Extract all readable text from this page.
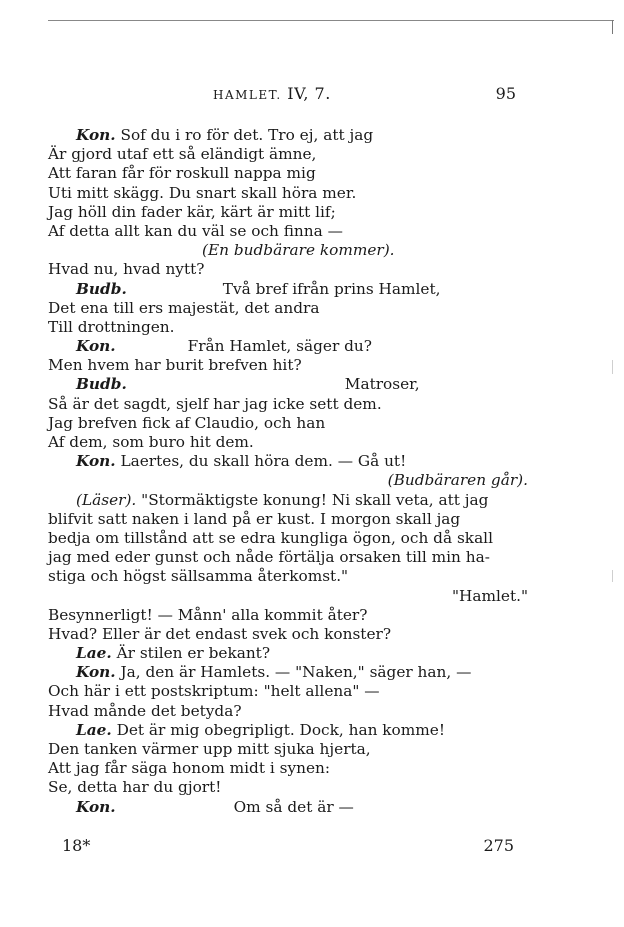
HAMLET. IV, 7.	95
Kon. Sof du i ro för det. Tro ej, att jag
Är gjord utaf ett så eländigt ämne,
Att faran får för roskull nappa mig
Uti mitt skägg. Du snart skall höra mer.
Jag höll din fader kär, kärt är mitt lif;
Af detta allt kan du väl se och finna —
(En budbärare kommer).
Hvad nu, hvad nytt?
Budb.	Två bref ifrån prins Hamlet,
Det ena till ers majestät, det andra
Till drottningen.
Kon.	Från Hamlet, säger du?
Men hvem har burit brefven hit?
Budb.	Matroser,
Så är det sagdt, sjelf har jag icke sett dem.
Jag brefven fick af Claudio, och han
Af dem, som buro hit dem.
Kon. Laertes, du skall höra dem. — Gå ut!
(Budbäraren går).
(Läser). "Stormäktigste konung! Ni skall veta, att jag
blifvit satt naken i land på er kust. I morgon skall jag
bedja om tillstånd att se edra kungliga ögon, och då skall
jag med eder gunst och nåde förtälja orsaken till min ha-
stiga och högst sällsamma återkomst."
"Hamlet."
Besynnerligt! — Månn' alla kommit åter?
Hvad? Eller är det endast svek och konster?
Lae. Är stilen er bekant?
Kon. Ja, den är Hamlets. — "Naken," säger han, —
Och här i ett postskriptum: "helt allena" —
Hvad månde det betyda?
Lae. Det är mig obegripligt. Dock, han komme!
Den tanken värmer upp mitt sjuka hjerta,
Att jag får säga honom midt i synen:
Se, detta har du gjort!
Kon.	Om så det är —
18*	275
